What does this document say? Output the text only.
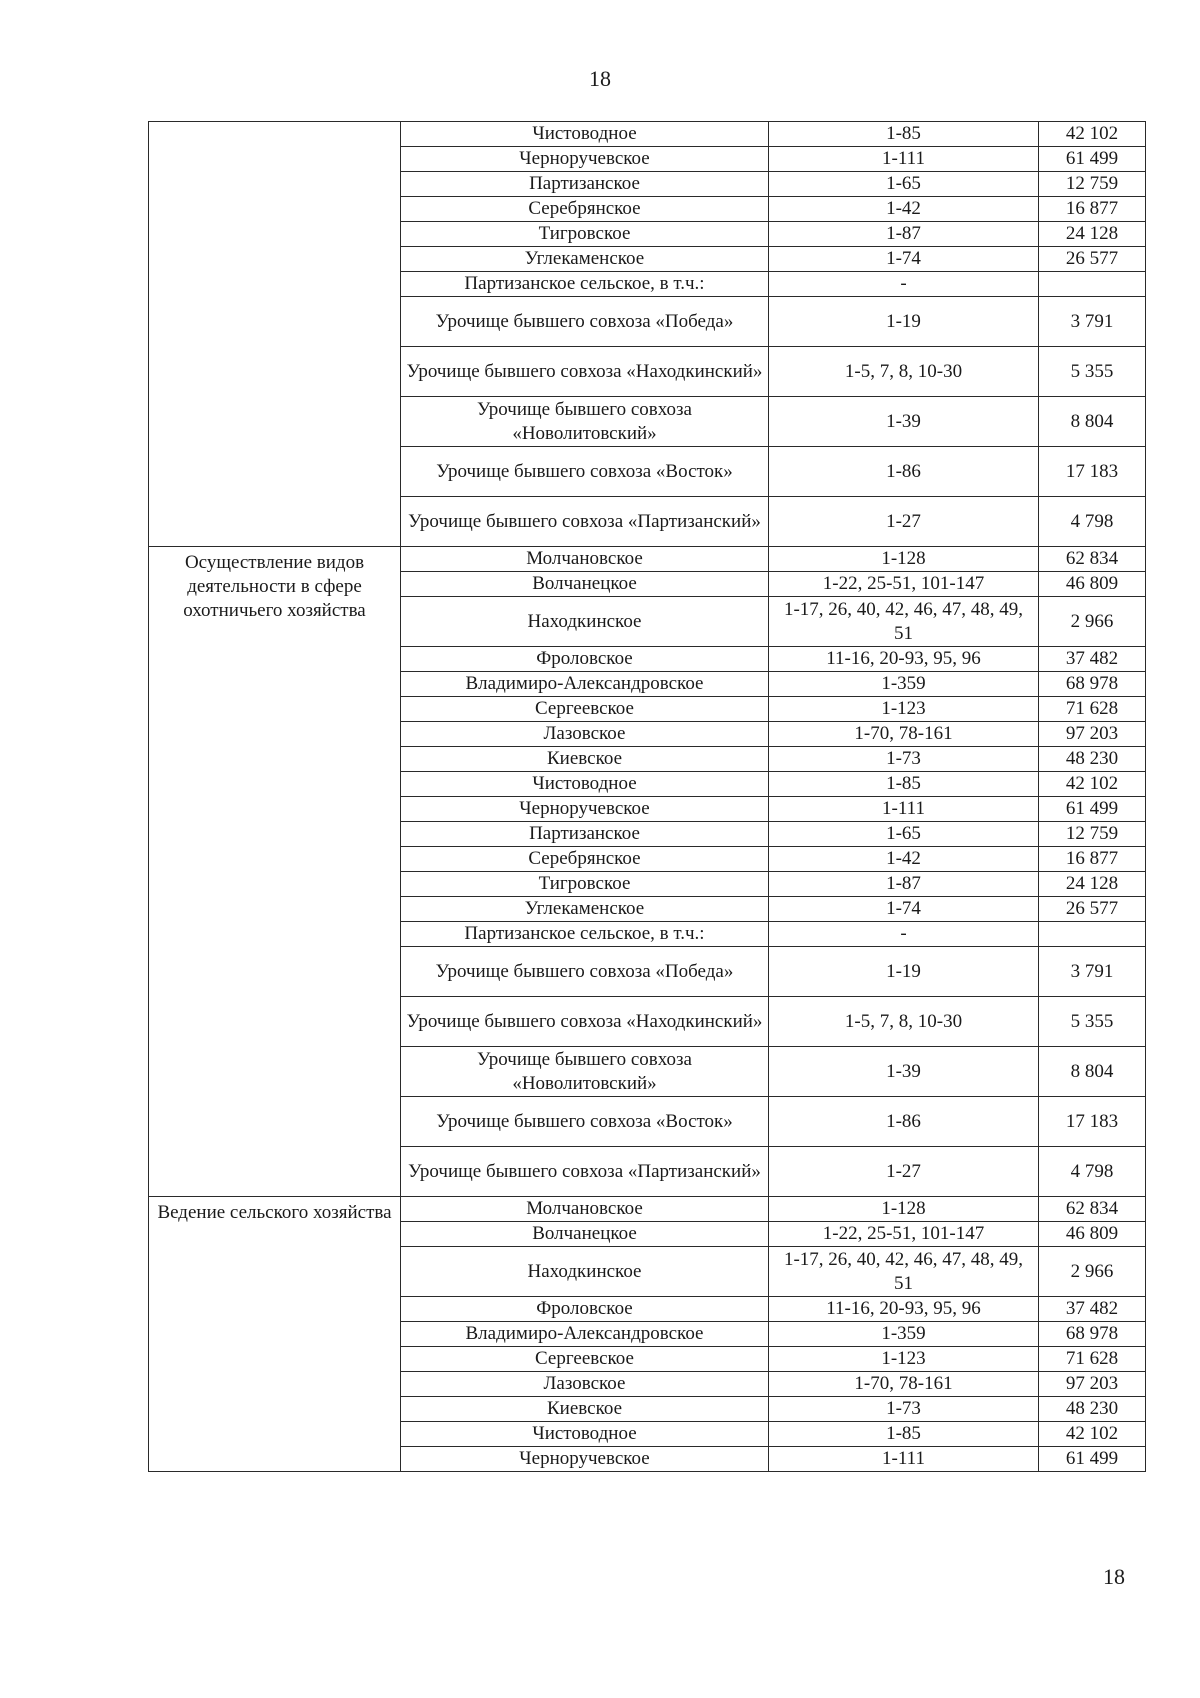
18
	Чистоводное	1-85	42 102
	Черноручевское	1-111	61 499
	Партизанское	1-65	12 759
	Серебрянское	1-42	16 877
	Тигровское	1-87	24 128
	Углекаменское	1-74	26 577
	Партизанское сельское, в т.ч.:	-	
	Урочище бывшего совхоза «Победа»	1-19	3 791
	Урочище бывшего совхоза «Находкинский»	1-5, 7, 8, 10-30	5 355
	Урочище бывшего совхоза «Новолитовский»	1-39	8 804
	Урочище бывшего совхоза «Восток»	1-86	17 183
	Урочище бывшего совхоза «Партизанский»	1-27	4 798
Осуществление видов деятельности в сфере охотничьего хозяйства	Молчановское	1-128	62 834
	Волчанецкое	1-22, 25-51, 101-147	46 809
	Находкинское	1-17, 26, 40, 42, 46, 47, 48, 49, 51	2 966
	Фроловское	11-16, 20-93, 95, 96	37 482
	Владимиро-Александровское	1-359	68 978
	Сергеевское	1-123	71 628
	Лазовское	1-70, 78-161	97 203
	Киевское	1-73	48 230
	Чистоводное	1-85	42 102
	Черноручевское	1-111	61 499
	Партизанское	1-65	12 759
	Серебрянское	1-42	16 877
	Тигровское	1-87	24 128
	Углекаменское	1-74	26 577
	Партизанское сельское, в т.ч.:	-	
	Урочище бывшего совхоза «Победа»	1-19	3 791
	Урочище бывшего совхоза «Находкинский»	1-5, 7, 8, 10-30	5 355
	Урочище бывшего совхоза «Новолитовский»	1-39	8 804
	Урочище бывшего совхоза «Восток»	1-86	17 183
	Урочище бывшего совхоза «Партизанский»	1-27	4 798
Ведение сельского хозяйства	Молчановское	1-128	62 834
	Волчанецкое	1-22, 25-51, 101-147	46 809
	Находкинское	1-17, 26, 40, 42, 46, 47, 48, 49, 51	2 966
	Фроловское	11-16, 20-93, 95, 96	37 482
	Владимиро-Александровское	1-359	68 978
	Сергеевское	1-123	71 628
	Лазовское	1-70, 78-161	97 203
	Киевское	1-73	48 230
	Чистоводное	1-85	42 102
	Черноручевское	1-111	61 499
18
